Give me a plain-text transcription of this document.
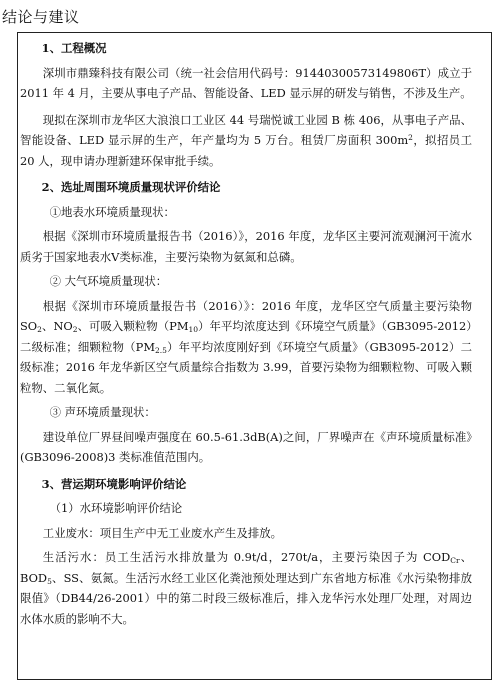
结论与建议
1、工程概况

深圳市鼎臻科技有限公司（统一社会信用代码号：91440300573149806T）成立于 2011 年 4 月，主要从事电子产品、智能设备、LED 显示屏的研发与销售，不涉及生产。

现拟在深圳市龙华区大浪浪口工业区 44 号瑞悦诚工业园 B 栋 406，从事电子产品、智能设备、LED 显示屏的生产，年产量均为 5 万台。租赁厂房面积 $300m^2$，拟招员工 20 人，现申请办理新建环保审批手续。

2、选址周围环境质量现状评价结论
①地表水环境质量现状：

根据《深圳市环境质量报告书（2016）》，2016 年度，龙华区主要河流观澜河干流水质劣于国家地表水Ⅴ类标准，主要污染物为氨氮和总磷。

② 大气环境质量现状：

根据《深圳市环境质量报告书（2016）》：2016 年度，龙华区空气质量主要污染物 $SO_2$、$NO_2$、可吸入颗粒物$(PM_{10})$年平均浓度达到《环境空气质量》（GB3095-2012）二级标准；细颗粒物$(PM_{2.5})$年平均浓度刚好到《环境空气质量》（GB3095-2012）二级标准；2016 年龙华新区空气质量综合指数为 3.99，首要污染物为细颗粒物、可吸入颗粒物、二氧化氮。

③ 声环境质量现状：

建设单位厂界昼间噪声强度在 60.5-61.3dB(A)之间，厂界噪声在《声环境质量标准》(GB3096-2008)3 类标准值范围内。

3、营运期环境影响评价结论
（1）水环境影响评价结论

工业废水：项目生产中无工业废水产生及排放。

生活污水：员工生活污水排放量为 0.9t/d，270t/a，主要污染因子为 $COD_{Cr}$、$BOD_5$、SS、氨氮。生活污水经工业区化粪池预处理达到广东省地方标准《水污染物排放限值》（DB44/26-2001）中的第二时段三级标准后，排入龙华污水处理厂处理，对周边水体水质的影响不大。
